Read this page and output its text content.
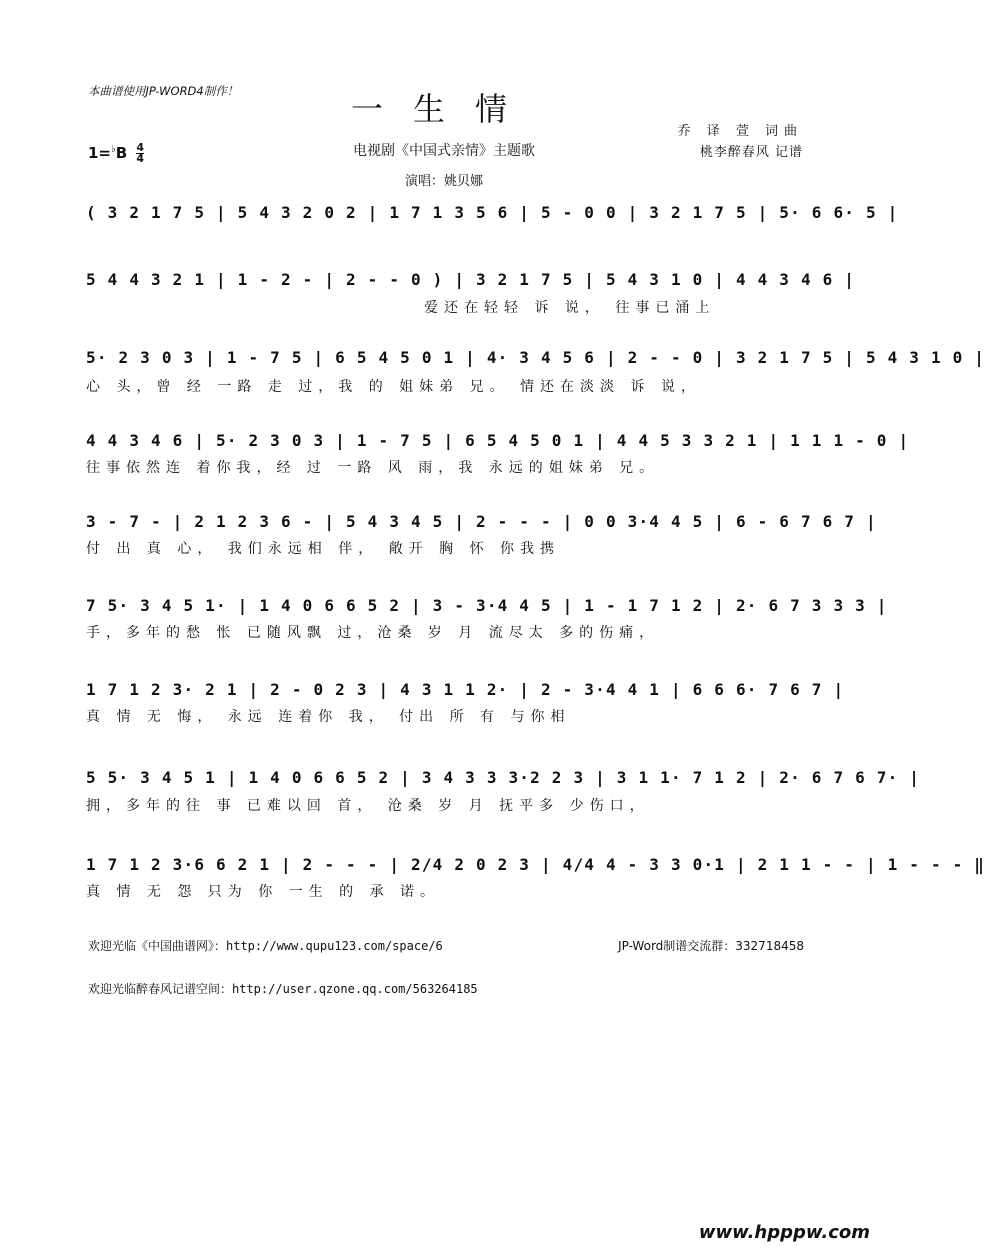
本曲谱使用JP-WORD4制作！	一生情
$1=^♭B \frac{4}{4}$	电视剧《中国式亲情》主题歌
演唱：姚贝娜
乔 译 萱 词曲
桃李醉春风 记谱
( 3 2 1 7 5 | 5 4 3 2 0 2 | 1 7 1 3 5 6 | 5 - 0 0 | 3 2 1 7 5 | 5· 6 6· 5 |
5 4 4 3 2 1 | 1 - 2 - | 2 - - 0 ) | 3 2 1 7 5 | 5 4 3 1 0 | 4 4 3 4 6 |
爱还在轻轻 诉 说， 往事已涌上
5· 2 3 0 3 | 1 - 7 5 | 6 5 4 5 0 1 | 4· 3 4 5 6 | 2 - - 0 | 3 2 1 7 5 | 5 4 3 1 0 |
心 头，曾 经 一路 走 过，我 的 姐妹弟 兄。 情还在淡淡 诉 说，
4 4 3 4 6 | 5· 2 3 0 3 | 1 - 7 5 | 6 5 4 5 0 1 | 4 4 5 3 3 2 1 | 1 1 1 - 0 |
往事依然连 着你我，经 过 一路 风 雨，我 永远的姐妹弟 兄。
3 - 7 - | 2 1 2 3 6 - | 5 4 3 4 5 | 2 - - - | 0 0 3·4 4 5 | 6 - 6 7 6 7 |
付 出 真 心， 我们永远相 伴， 敞开 胸 怀 你我携
7 5· 3 4 5 1· | 1 4 0 6 6 5 2 | 3 - 3·4 4 5 | 1 - 1 7 1 2 | 2· 6 7 3 3 3 |
手，多年的愁 怅 已随风飘 过，沧桑 岁 月 流尽太 多的伤痛，
1 7 1 2 3· 2 1 | 2 - 0 2 3 | 4 3 1 1 2· | 2 - 3·4 4 1 | 6 6 6· 7 6 7 |
真 情 无 悔， 永远 连着你 我， 付出 所 有 与你相
5 5· 3 4 5 1 | 1 4 0 6 6 5 2 | 3 4 3 3 3·2 2 3 | 3 1 1· 7 1 2 | 2· 6 7 6 7· |
拥，多年的往 事 已难以回 首， 沧桑 岁 月 抚平多 少伤口，
1 7 1 2 3·6 6 2 1 | 2 - - - | 2/4 2 0 2 3 | 4/4 4 - 3 3 0·1 | 2 1 1 - - | 1 - - - ‖
真 情 无 怨 只为 你 一生 的 承 诺。
欢迎光临《中国曲谱网》：http://www.qupu123.com/space/6	JP-Word制谱交流群：332718458
欢迎光临醉春风记谱空间：http://user.qzone.qq.com/563264185
www.hpppw.com
